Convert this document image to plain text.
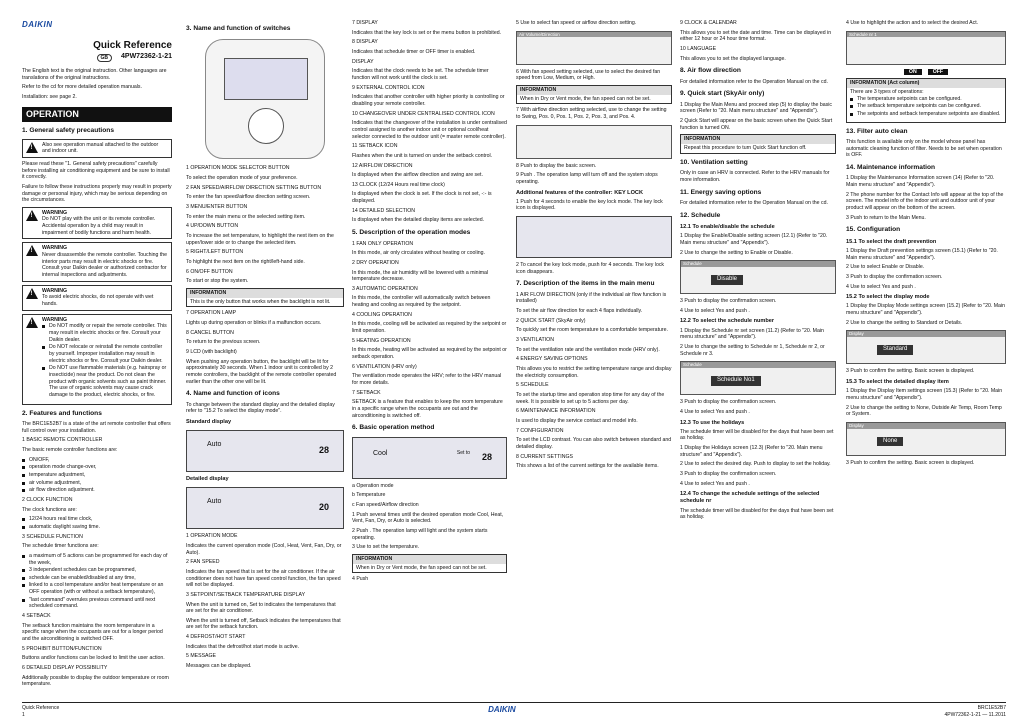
DAIKIN
Quick Reference
4PW72362-1-21
GB

The English text is the original instruction. Other languages are translations of the original instructions.

Refer to the cd for more detailed operation manuals.

Installation: see page 2.

OPERATION
1. General safety precautions
!
Also see operation manual attached to the outdoor and indoor unit.

Please read these "1. General safety precautions" carefully before installing air conditioning equipment and be sure to install it correctly.

Failure to follow these instructions properly may result in property damage or personal injury, which may be serious depending on the circumstances.

!
WARNING
Do NOT play with the unit or its remote controller. Accidental operation by a child may result in impairment of bodily functions and harm health.
!
WARNING
Never disassemble the remote controller. Touching the interior parts may result in electric shocks or fire. Consult your Daikin dealer or authorized contractor for internal inspections and adjustments.
!
WARNING
To avoid electric shocks, do not operate with wet hands.
!
WARNING
Do NOT modify or repair the remote controller. This may result in electric shocks or fire. Consult your Daikin dealer.
Do NOT relocate or reinstall the remote controller by yourself. Improper installation may result in electric shocks or fire. Consult your Daikin dealer.
Do NOT use flammable materials (e.g. hairspray or insecticide) near the product. Do not clean the product with organic solvents such as paint thinner. The use of organic solvents may cause crack damage to the product, electric shocks, or fire.
2. Features and functions

The BRC1E52B7 is a state of the art remote controller that offers full control over your installation.

1 BASIC REMOTE CONTROLLER

The basic remote controller functions are:

ON/OFF,
operation mode change-over,
temperature adjustment,
air volume adjustment,
air flow direction adjustment.

2 CLOCK FUNCTION

The clock functions are:

12/24 hours real time clock,
automatic daylight saving time.

3 SCHEDULE FUNCTION

The schedule timer functions are:

a maximum of 5 actions can be programmed for each day of the week,
3 independent schedules can be programmed,
schedule can be enabled/disabled at any time,
linked to a cool temperature and/or heat temperature or an OFF operation (with or without a setback temperature),
"last command" overrules previous command until next scheduled command.

4 SETBACK

The setback function maintains the room temperature in a specific range when the occupants are out for a longer period and the airconditioning is switched OFF.

5 PROHIBIT BUTTON/FUNCTION

Buttons and/or functions can be locked to limit the user action.

6 DETAILED DISPLAY POSSIBILITY

Additionally possible to display the outdoor temperature or room temperature.

3. Name and function of switches

1 OPERATION MODE SELECTOR BUTTON

To select the operation mode of your preference.

2 FAN SPEED/AIRFLOW DIRECTION SETTING BUTTON

To enter the fan speed/airflow direction setting screen.

3 MENU/ENTER BUTTON

To enter the main menu or the selected setting item.

4 UP/DOWN BUTTON

To increase the set temperature, to highlight the next item on the upper/lower side or to change the selected item.

5 RIGHT/LEFT BUTTON

To highlight the next item on the right/left-hand side.

6 ON/OFF BUTTON

To start or stop the system.

INFORMATION
This is the only button that works when the backlight is not lit.

7 OPERATION LAMP

Lights up during operation or blinks if a malfunction occurs.

8 CANCEL BUTTON

To return to the previous screen.

9 LCD (with backlight)

When pushing any operation button, the backlight will be lit for approximately 30 seconds. When 1 indoor unit is controlled by 2 remote controllers, the backlight of the remote controller operated earlier than the other one will be lit.

4. Name and function of icons

To change between the standard display and the detailed display refer to "15.2 To select the display mode".

Standard display
Auto
28
Detailed display
Auto
20

1 OPERATION MODE

Indicates the current operation mode (Cool, Heat, Vent, Fan, Dry, or Auto).

2 FAN SPEED

Indicates the fan speed that is set for the air conditioner. If the air conditioner does not have fan speed control function, the fan speed will not be displayed.

3 SETPOINT/SETBACK TEMPERATURE DISPLAY

When the unit is turned on, Set to indicates the temperatures that are set for the air conditioner.

When the unit is turned off, Setback indicates the temperatures that are set for the setback function.

4 DEFROST/HOT START

Indicates that the defrost/hot start mode is active.

5 MESSAGE

Messages can be displayed.

7 DISPLAY

Indicates that the key lock is set or the menu button is prohibited.

8 DISPLAY

Indicates that schedule timer or OFF timer is enabled.

DISPLAY

Indicates that the clock needs to be set. The schedule timer function will not work until the clock is set.

9 EXTERNAL CONTROL ICON

Indicates that another controller with higher priority is controlling or disabling your remote controller.

10 CHANGEOVER UNDER CENTRALISED CONTROL ICON

Indicates that the changeover of the installation is under centralised control assigned to another indoor unit or optional cool/heat selector connected to the outdoor unit (= master remote controller).

11 SETBACK ICON

Flashes when the unit is turned on under the setback control.

12 AIRFLOW DIRECTION

Is displayed when the airflow direction and swing are set.

13 CLOCK (12/24 Hours real time clock)

Is displayed when the clock is set. If the clock is not set, -:- is displayed.

14 DETAILED SELECTION

Is displayed when the detailed display items are selected.

5. Description of the operation modes

1 FAN ONLY OPERATION

In this mode, air only circulates without heating or cooling.

2 DRY OPERATION

In this mode, the air humidity will be lowered with a minimal temperature decrease.

3 AUTOMATIC OPERATION

In this mode, the controller will automatically switch between heating and cooling as required by the setpoint.

4 COOLING OPERATION

In this mode, cooling will be activated as required by the setpoint or limit operation.

5 HEATING OPERATION

In this mode, heating will be activated as required by the setpoint or setback operation.

6 VENTILATION (HRV only)

The ventilation mode operates the HRV; refer to the HRV manual for more details.

7 SETBACK

SETBACK is a feature that enables to keep the room temperature in a specific range when the occupants are out and the airconditioning is switched off.

6. Basic operation method
Cool	Set to 28

a Operation mode

b Temperature

c Fan speed/Airflow direction

1 Push several times until the desired operation mode Cool, Heat, Vent, Fan, Dry, or Auto is selected.

2 Push . The operation lamp will light and the system starts operating.

3 Use to set the temperature.

INFORMATION
When in Dry or Vent mode, the fan speed can not be set.

4 Push

5 Use to select fan speed or airflow direction setting.

Air Volume/Direction

6 With fan speed setting selected, use to select the desired fan speed from Low, Medium, or High.

INFORMATION
When in Dry or Vent mode, the fan speed can not be set.

7 With airflow direction setting selected, use to change the setting to Swing, Pos. 0, Pos. 1, Pos. 2, Pos. 3, and Pos. 4.

8 Push to display the basic screen.

9 Push . The operation lamp will turn off and the system stops operating.

Additional features of the controller: KEY LOCK

1 Push for 4 seconds to enable the key lock mode. The key lock icon is displayed.

2 To cancel the key lock mode, push for 4 seconds. The key lock icon disappears.

7. Description of the items in the main menu

1 AIR FLOW DIRECTION (only if the individual air flow function is installed)

To set the air flow direction for each 4 flaps individually.

2 QUICK START (SkyAir only)

To quickly set the room temperature to a comfortable temperature.

3 VENTILATION

To set the ventilation rate and the ventilation mode (HRV only).

4 ENERGY SAVING OPTIONS

This allows you to restrict the setting temperature range and display the electricity consumption.

5 SCHEDULE

To set the startup time and operation stop time for any day of the week. It is possible to set up to 5 actions per day.

6 MAINTENANCE INFORMATION

Is used to display the service contact and model info.

7 CONFIGURATION

To set the LCD contrast. You can also switch between standard and detailed display.

8 CURRENT SETTINGS

This shows a list of the current settings for the available items.

9 CLOCK & CALENDAR

This allows you to set the date and time. Time can be displayed in either 12 hour or 24 hour time format.

10 LANGUAGE

This allows you to set the displayed language.

8. Air flow direction

For detailed information refer to the Operation Manual on the cd.

9. Quick start (SkyAir only)

1 Display the Main Menu and proceed step (5) to display the basic screen (Refer to "20. Main menu structure" and "Appendix").

2 Quick Start will appear on the basic screen when the Quick Start function is turned ON.

INFORMATION
Repeat this procedure to turn Quick Start function off.
10. Ventilation setting

Only in case an HRV is connected. Refer to the HRV manuals for more information.

11. Energy saving options

For detailed information refer to the Operation Manual on the cd.

12. Schedule
12.1 To enable/disable the schedule

1 Display the Enable/Disable setting screen (12.1) (Refer to "20. Main menu structure" and "Appendix").

2 Use to change the setting to Enable or Disable.

Schedule
Disable

3 Push to display the confirmation screen.

4 Use to select Yes and push .

12.2 To select the schedule number

1 Display the Schedule nr set screen (11.2) (Refer to "20. Main menu structure" and "Appendix").

2 Use to change the setting to Schedule nr 1, Schedule nr 2, or Schedule nr 3.

Schedule
Schedule No1

3 Push to display the confirmation screen.

4 Use to select Yes and push .

12.3 To use the holidays

The schedule timer will be disabled for the days that have been set as holiday.

1 Display the Holidays screen (12.3) (Refer to "20. Main menu structure" and "Appendix").

2 Use to select the desired day. Push to display to set the holiday.

3 Push to display the confirmation screen.

4 Use to select Yes and push .

12.4 To change the schedule settings of the selected schedule nr

The schedule timer will be disabled for the days that have been set as holiday.

4 Use to highlight the action and to select the desired Act.

Schedule nr 1
ON	OFF
INFORMATION (Act column)
There are 3 types of operations:
The temperature setpoints can be configured.
The setback temperature setpoints can be configured.
The setpoints and setback temperature setpoints are disabled.
13. Filter auto clean

This function is available only on the model whose panel has automatic cleaning function of filter. Needs to be set when operation is OFF.

14. Maintenance information

1 Display the Maintenance Information screen (14) (Refer to "20. Main menu structure" and "Appendix").

2 The phone number for the Contact Info will appear at the top of the screen. The model info of the indoor unit and outdoor unit of your product will appear on the bottom of the screen.

3 Push to return to the Main Menu.

15. Configuration
15.1 To select the draft prevention

1 Display the Draft prevention settings screen (15.1) (Refer to "20. Main menu structure" and "Appendix").

2 Use to select Enable or Disable.

3 Push to display the confirmation screen.

4 Use to select Yes and push .

15.2 To select the display mode

1 Display the Display Mode settings screen (15.2) (Refer to "20. Main menu structure" and "Appendix").

2 Use to change the setting to Standard or Details.

Display
Standard

3 Push to confirm the setting. Basic screen is displayed.

15.3 To select the detailed display item

1 Display the Display Item settings screen (15.3) (Refer to "20. Main menu structure" and "Appendix").

2 Use to change the setting to None, Outside Air Temp, Room Temp or System.

Display
None

3 Push to confirm the setting. Basic screen is displayed.

Quick Reference
1
DAIKIN	BRC1E52B7
4PW72362-1-21 — 11.2011
